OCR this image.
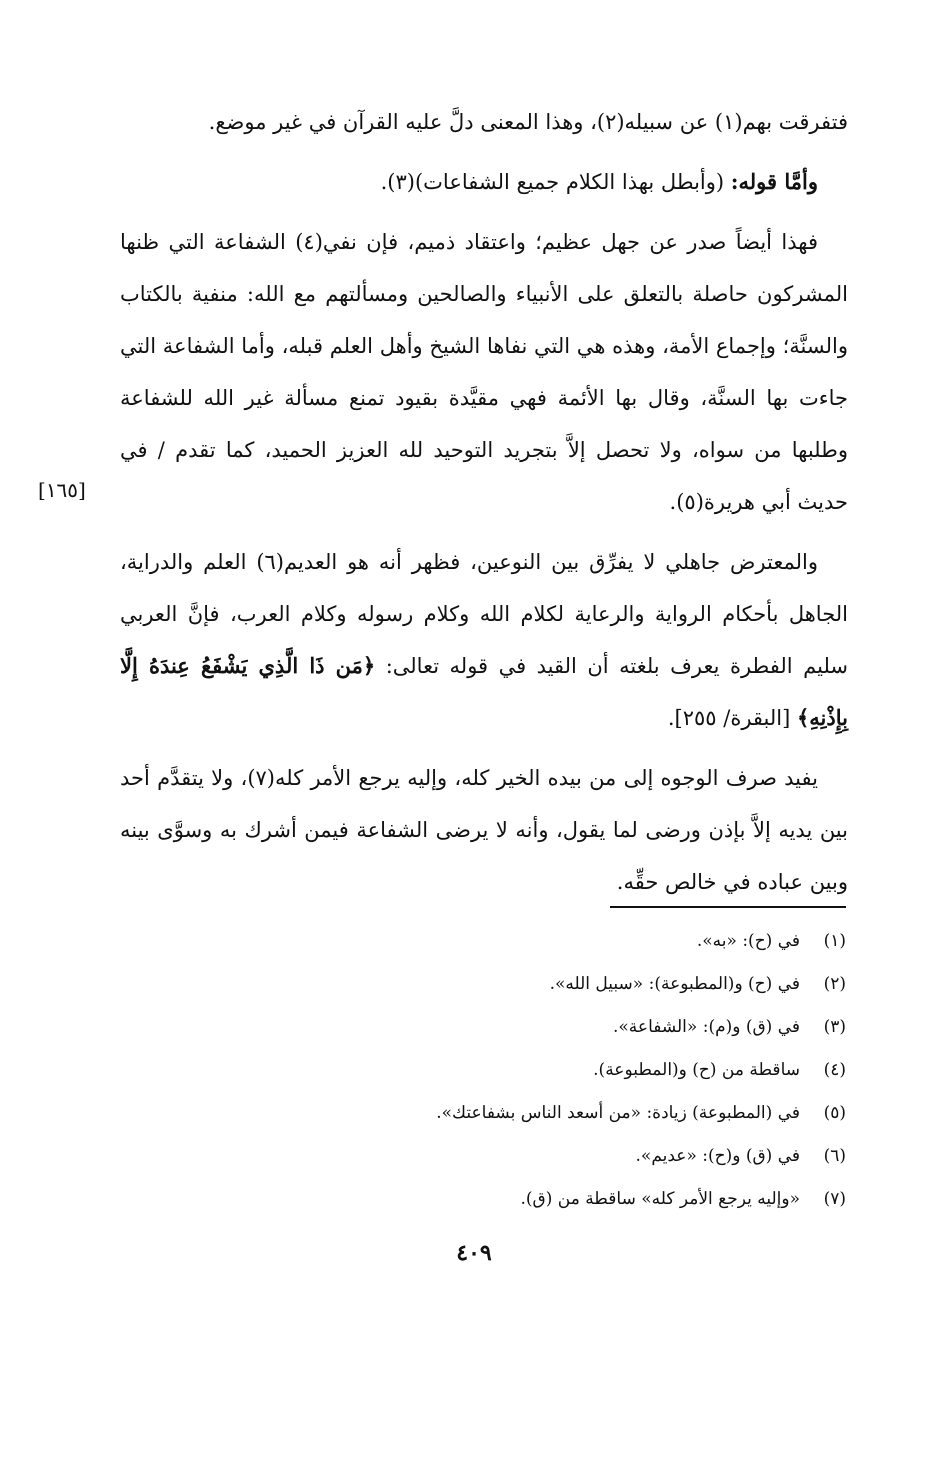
فتفرقت بهم(١) عن سبيله(٢)، وهذا المعنى دلَّ عليه القرآن في غير موضع.

وأمَّا قوله: (وأبطل بهذا الكلام جميع الشفاعات)(٣).

فهذا أيضاً صدر عن جهل عظيم؛ واعتقاد ذميم، فإن نفي(٤) الشفاعة التي ظنها المشركون حاصلة بالتعلق على الأنبياء والصالحين ومسألتهم مع الله: منفية بالكتاب والسنَّة؛ وإجماع الأمة، وهذه هي التي نفاها الشيخ وأهل العلم قبله، وأما الشفاعة التي جاءت بها السنَّة، وقال بها الأئمة فهي مقيَّدة بقيود تمنع مسألة غير الله للشفاعة وطلبها من سواه، ولا تحصل إلاَّ بتجريد التوحيد لله العزيز الحميد، كما تقدم / في حديث أبي هريرة(٥).

والمعترض جاهلي لا يفرِّق بين النوعين، فظهر أنه هو العديم(٦) العلم والدراية، الجاهل بأحكام الرواية والرعاية لكلام الله وكلام رسوله وكلام العرب، فإنَّ العربي سليم الفطرة يعرف بلغته أن القيد في قوله تعالى: ﴿مَن ذَا الَّذِي يَشْفَعُ عِندَهُ إِلَّا بِإِذْنِهِ﴾ [البقرة/ ٢٥٥].

يفيد صرف الوجوه إلى من بيده الخير كله، وإليه يرجع الأمر كله(٧)، ولا يتقدَّم أحد بين يديه إلاَّ بإذن ورضى لما يقول، وأنه لا يرضى الشفاعة فيمن أشرك به وسوَّى بينه وبين عباده في خالص حقِّه.

[١٦٥]
(١)في (ح): «به».
(٢)في (ح) و(المطبوعة): «سبيل الله».
(٣)في (ق) و(م): «الشفاعة».
(٤)ساقطة من (ح) و(المطبوعة).
(٥)في (المطبوعة) زيادة: «من أسعد الناس بشفاعتك».
(٦)في (ق) و(ح): «عديم».
(٧)«وإليه يرجع الأمر كله» ساقطة من (ق).
٤٠٩
